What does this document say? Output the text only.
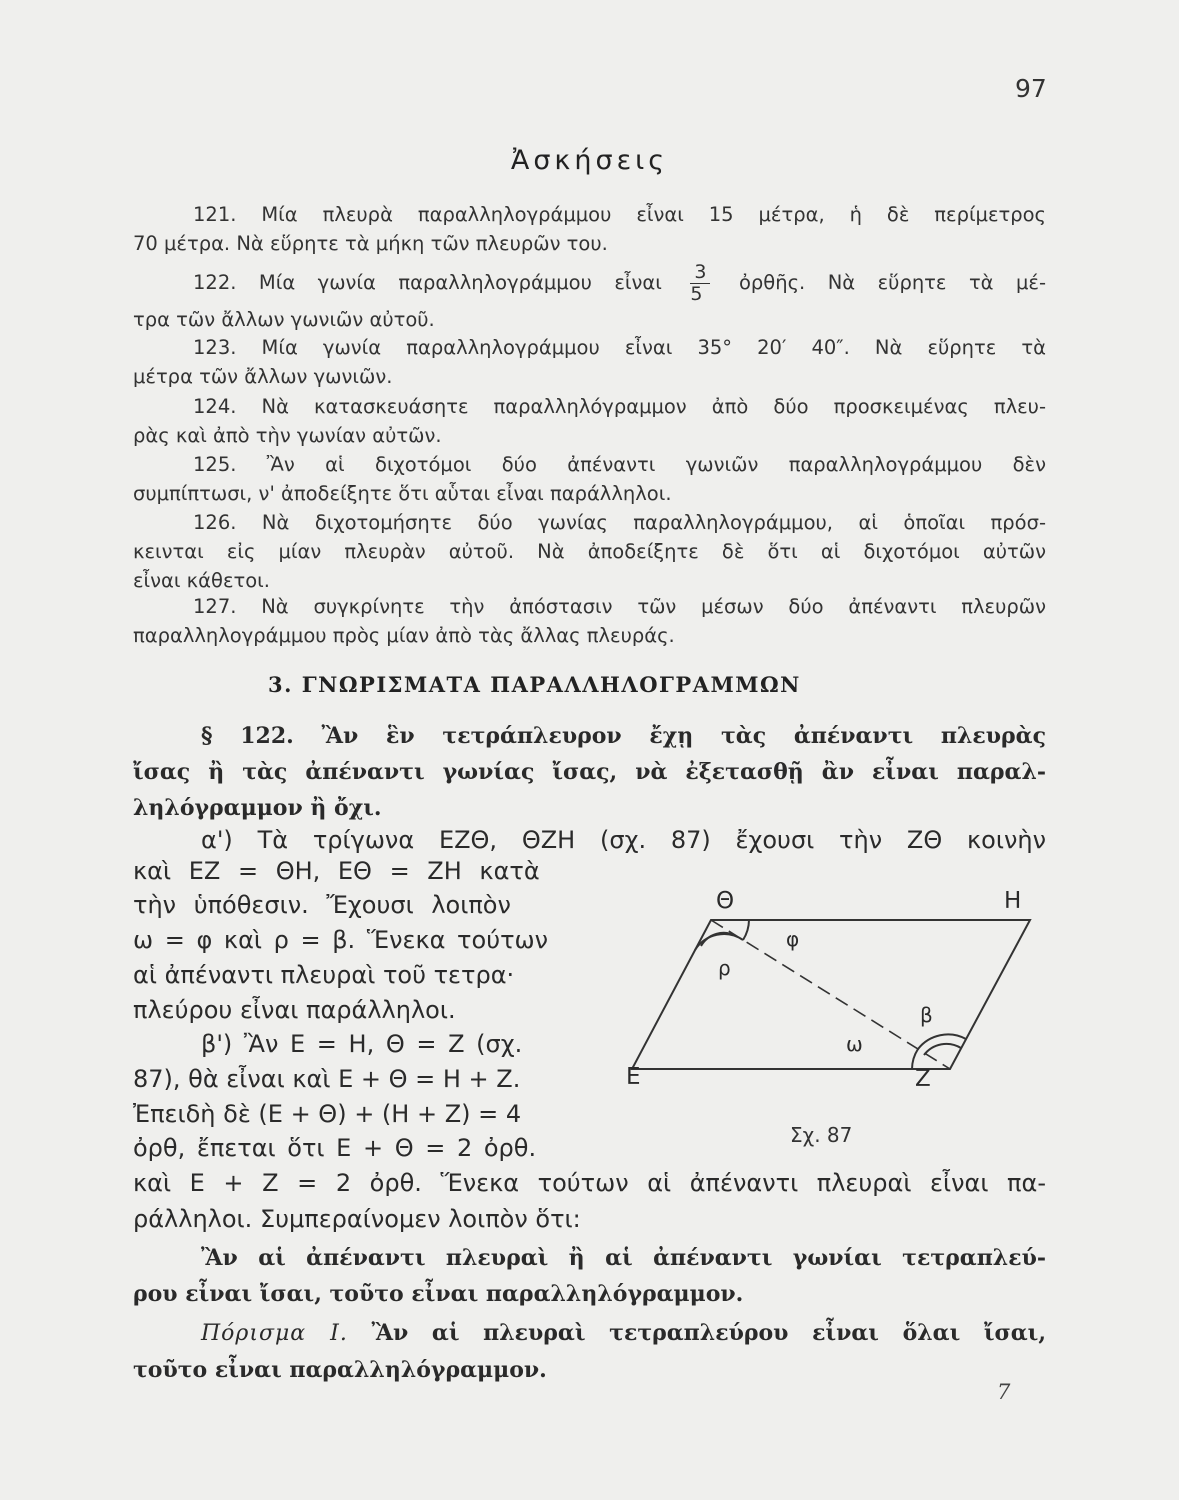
97
Ἀσκήσεις
121. Μία πλευρὰ παραλληλογράμμου εἶναι 15 μέτρα, ἡ δὲ περίμετρος
70 μέτρα. Νὰ εὕρητε τὰ μήκη τῶν πλευρῶν του.
122. Μία γωνία παραλληλογράμμου εἶναι $\frac{3}{5}$ ὀρθῆς. Νὰ εὕρητε τὰ μέ-
τρα τῶν ἄλλων γωνιῶν αὐτοῦ.
123. Μία γωνία παραλληλογράμμου εἶναι 35° 20′ 40″. Νὰ εὕρητε τὰ
μέτρα τῶν ἄλλων γωνιῶν.
124. Νὰ κατασκευάσητε παραλληλόγραμμον ἀπὸ δύο προσκειμένας πλευ-
ρὰς καὶ ἀπὸ τὴν γωνίαν αὐτῶν.
125. Ἂν αἱ διχοτόμοι δύο ἀπέναντι γωνιῶν παραλληλογράμμου δὲν
συμπίπτωσι, ν' ἀποδείξητε ὅτι αὗται εἶναι παράλληλοι.
126. Νὰ διχοτομήσητε δύο γωνίας παραλληλογράμμου, αἱ ὁποῖαι πρόσ-
κεινται εἰς μίαν πλευρὰν αὐτοῦ. Νὰ ἀποδείξητε δὲ ὅτι αἱ διχοτόμοι αὐτῶν
εἶναι κάθετοι.
127. Νὰ συγκρίνητε τὴν ἀπόστασιν τῶν μέσων δύο ἀπέναντι πλευρῶν
παραλληλογράμμου πρὸς μίαν ἀπὸ τὰς ἄλλας πλευράς.
3. ΓΝΩΡΙΣΜΑΤΑ ΠΑΡΑΛΛΗΛΟΓΡΑΜΜΩΝ
§ 122. Ἂν ἓν τετράπλευρον ἔχῃ τὰς ἀπέναντι πλευρὰς
ἴσας ἢ τὰς ἀπέναντι γωνίας ἴσας, νὰ ἐξετασθῇ ἂν εἶναι παραλ-
ληλόγραμμον ἢ ὄχι.
α') Τὰ τρίγωνα ΕΖΘ, ΘΖΗ (σχ. 87) ἔχουσι τὴν ΖΘ κοινὴν
καὶ ΕΖ = ΘΗ, ΕΘ = ΖΗ κατὰ
τὴν ὑπόθεσιν. Ἔχουσι λοιπὸν
ω = φ καὶ ρ = β. Ἕνεκα τούτων
αἱ ἀπέναντι πλευραὶ τοῦ τετρα·
πλεύρου εἶναι παράλληλοι.
β') Ἂν Ε = Η, Θ = Ζ (σχ.
87), θὰ εἶναι καὶ Ε + Θ = Η + Ζ.
Ἐπειδὴ δὲ (Ε + Θ) + (Η + Ζ) = 4
ὀρθ, ἔπεται ὅτι Ε + Θ = 2 ὀρθ.
καὶ Ε + Ζ = 2 ὀρθ. Ἕνεκα τούτων αἱ ἀπέναντι πλευραὶ εἶναι πα-
ράλληλοι. Συμπεραίνομεν λοιπὸν ὅτι:
Ἂν αἱ ἀπέναντι πλευραὶ ἢ αἱ ἀπέναντι γωνίαι τετραπλεύ-
ρου εἶναι ἴσαι, τοῦτο εἶναι παραλληλόγραμμον.
Πόρισμα I. Ἂν αἱ πλευραὶ τετραπλεύρου εἶναι ὅλαι ἴσαι,
τοῦτο εἶναι παραλληλόγραμμον.
Θ	Η
Ε	Ζ
φ
ρ
β
ω
Σχ. 87
7
